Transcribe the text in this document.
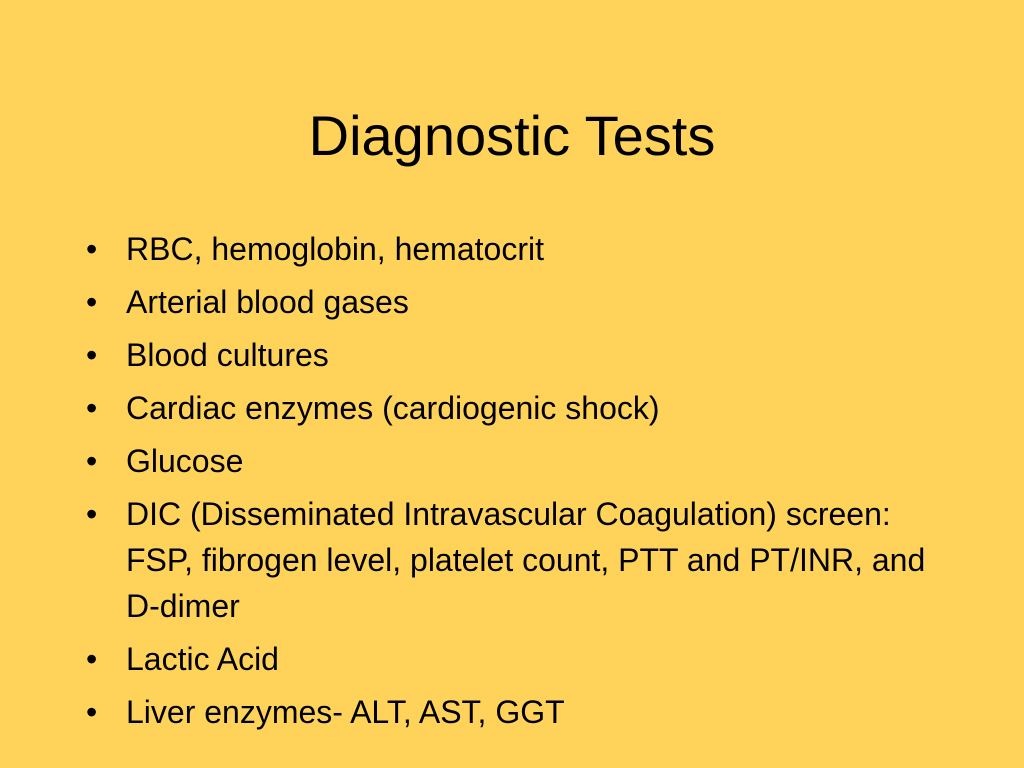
Diagnostic Tests
• RBC, hemoglobin, hematocrit
• Arterial blood gases
• Blood cultures
• Cardiac enzymes (cardiogenic shock)
• Glucose
• DIC (Disseminated Intravascular Coagulation) screen: FSP, fibrogen level, platelet count, PTT and PT/INR, and D-dimer
• Lactic Acid
• Liver enzymes- ALT, AST, GGT
